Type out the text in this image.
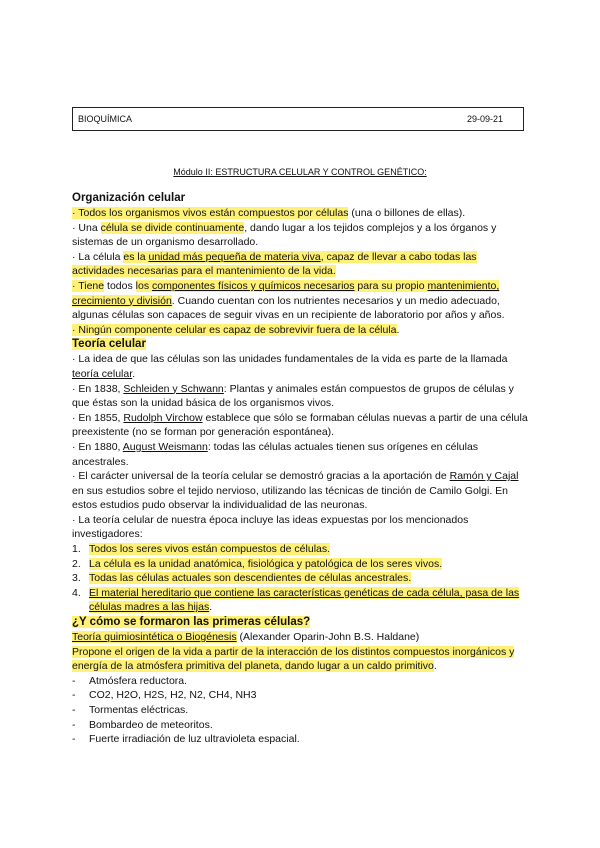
BIOQUÍMICA	29-09-21
Módulo II: ESTRUCTURA CELULAR Y CONTROL GENÉTICO:

Organización celular

· Todos los organismos vivos están compuestos por células (una o billones de ellas).

· Una célula se divide continuamente, dando lugar a los tejidos complejos y a los órganos y sistemas de un organismo desarrollado.

· La célula es la unidad más pequeña de materia viva, capaz de llevar a cabo todas las actividades necesarias para el mantenimiento de la vida.

· Tiene todos los componentes físicos y químicos necesarios para su propio mantenimiento, crecimiento y división. Cuando cuentan con los nutrientes necesarios y un medio adecuado, algunas células son capaces de seguir vivas en un recipiente de laboratorio por años y años.

· Ningún componente celular es capaz de sobrevivir fuera de la célula.

Teoría celular

· La idea de que las células son las unidades fundamentales de la vida es parte de la llamada teoría celular.

· En 1838, Schleiden y Schwann: Plantas y animales están compuestos de grupos de células y que éstas son la unidad básica de los organismos vivos.

· En 1855, Rudolph Virchow establece que sólo se formaban células nuevas a partir de una célula preexistente (no se forman por generación espontánea).

· En 1880, August Weismann: todas las células actuales tienen sus orígenes en células ancestrales.

· El carácter universal de la teoría celular se demostró gracias a la aportación de Ramón y Cajal en sus estudios sobre el tejido nervioso, utilizando las técnicas de tinción de Camilo Golgi. En estos estudios pudo observar la individualidad de las neuronas.

· La teoría celular de nuestra época incluye las ideas expuestas por los mencionados investigadores:

1. Todos los seres vivos están compuestos de células.
2. La célula es la unidad anatómica, fisiológica y patológica de los seres vivos.
3. Todas las células actuales son descendientes de células ancestrales.
4. El material hereditario que contiene las características genéticas de cada célula, pasa de las células madres a las hijas.

¿Y cómo se formaron las primeras células?

Teoría quimiosintética o Biogénesis (Alexander Oparin-John B.S. Haldane)

Propone el origen de la vida a partir de la interacción de los distintos compuestos inorgánicos y energía de la atmósfera primitiva del planeta, dando lugar a un caldo primitivo.

-	Atmósfera reductora.
-	CO2, H2O, H2S, H2, N2, CH4, NH3
-	Tormentas eléctricas.
-	Bombardeo de meteoritos.
-	Fuerte irradiación de luz ultravioleta espacial.
